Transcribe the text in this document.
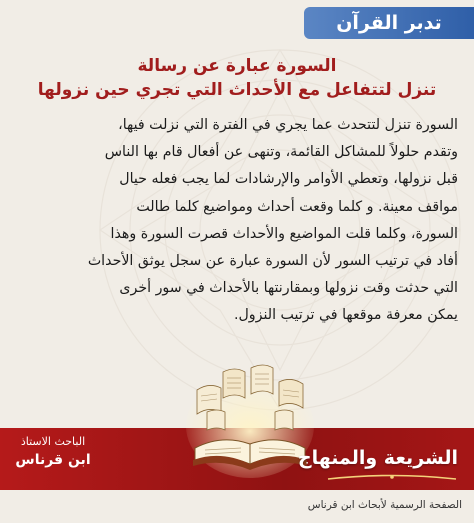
تدبر القرآن
السورة عبارة عن رسالة
تنزل لتتفاعل مع الأحداث التي تجري حين نزولها
السورة تنزل لتتحدث عما يجري في الفترة التي نزلت فيها،
وتقدم حلولاً للمشاكل القائمة، وتنهى عن أفعال قام بها الناس
قبل نزولها، وتعطي الأوامر والإرشادات لما يجب فعله حيال
مواقف معينة. و كلما وقعت أحداث ومواضيع كلما طالت
السورة، وكلما قلت المواضيع والأحداث قصرت السورة وهذا
أفاد في ترتيب السور لأن السورة عبارة عن سجل يوثق الأحداث
التي حدثت وقت نزولها وبمقارنتها بالأحداث في سور أخرى
يمكن معرفة موقعها في ترتيب النزول.
الباحث الاستاذ
ابن قرناس	الشريعة والمنهاج
الصفحة الرسمية لأبحاث ابن قرناس
